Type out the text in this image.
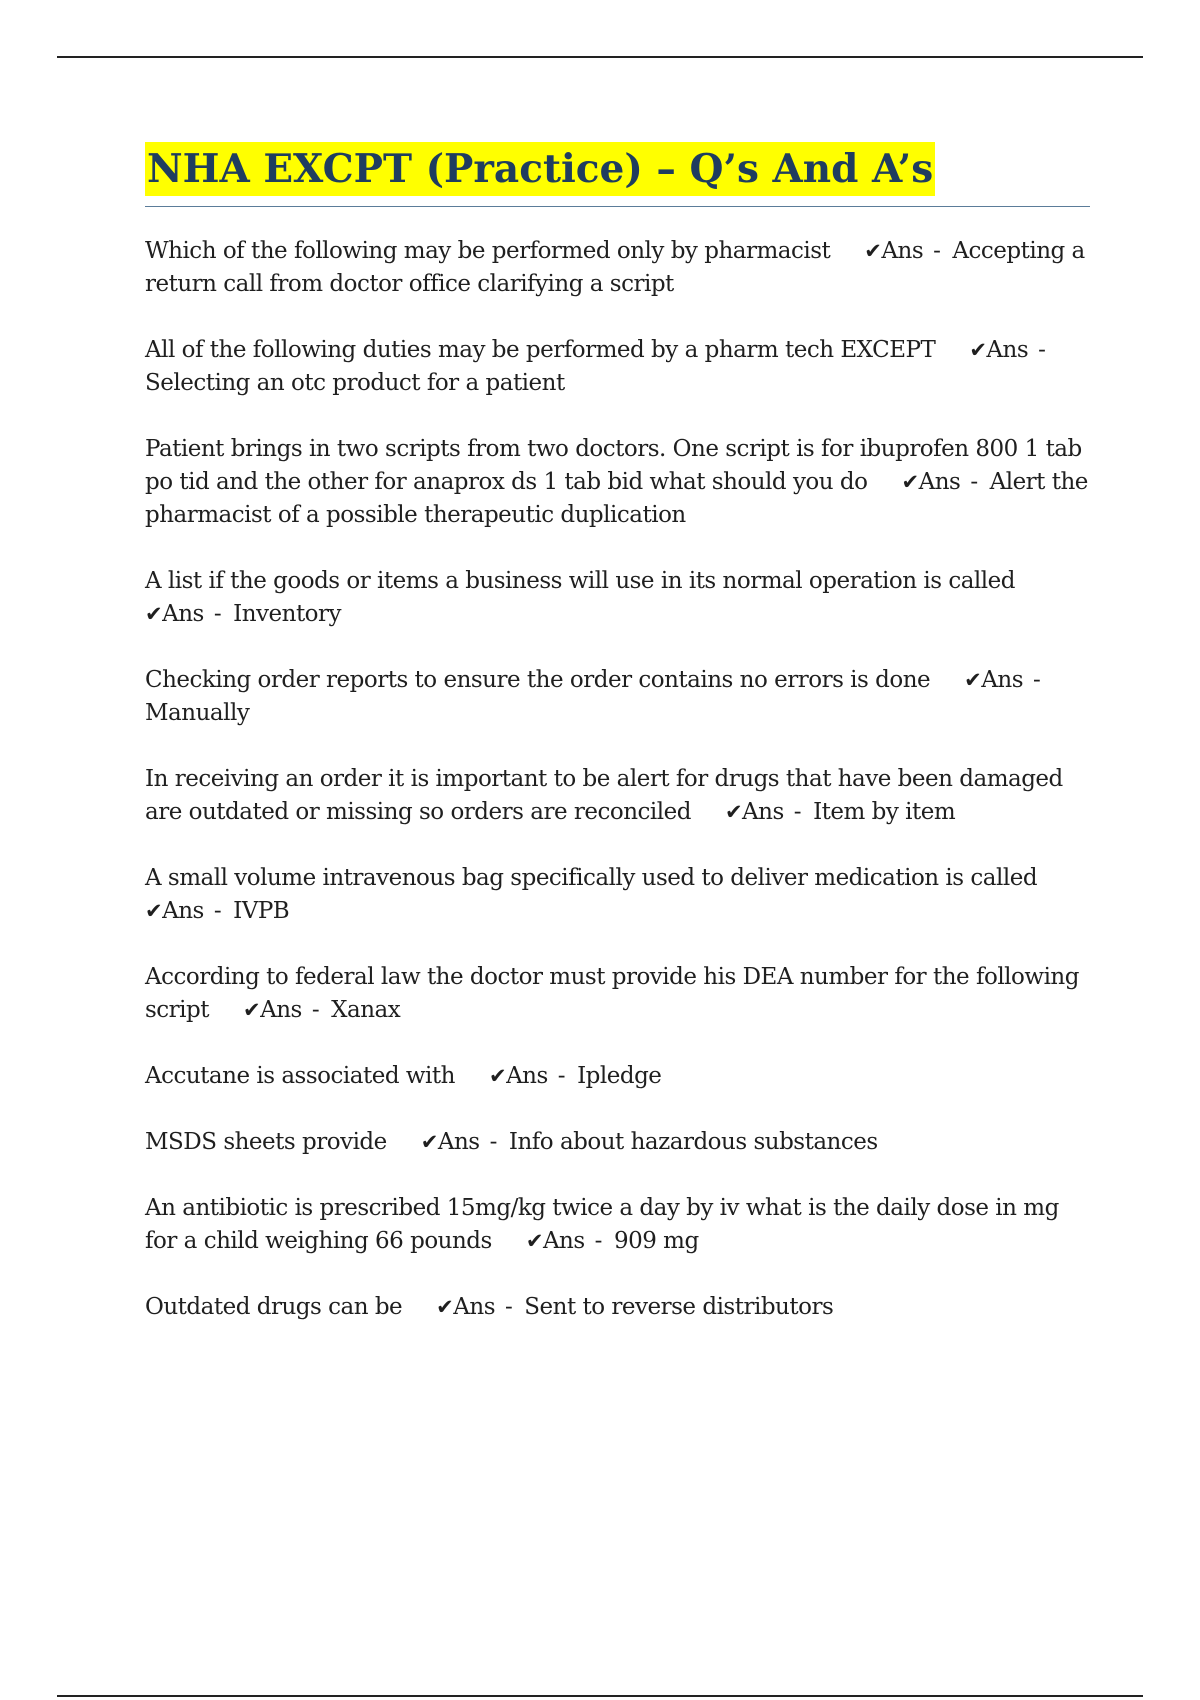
NHA EXCPT (Practice) – Q’s And A’s
Which of the following may be performed only by pharmacist ✔Ans - Accepting a return call from doctor office clarifying a script
All of the following duties may be performed by a pharm tech EXCEPT ✔Ans -Selecting an otc product for a patient
Patient brings in two scripts from two doctors. One script is for ibuprofen 800 1 tab po tid and the other for anaprox ds 1 tab bid what should you do ✔Ans - Alert the pharmacist of a possible therapeutic duplication
A list if the goods or items a business will use in its normal operation is called✔Ans - Inventory
Checking order reports to ensure the order contains no errors is done ✔Ans -Manually
In receiving an order it is important to be alert for drugs that have been damaged are outdated or missing so orders are reconciled ✔Ans - Item by item
A small volume intravenous bag specifically used to deliver medication is called✔Ans - IVPB
According to federal law the doctor must provide his DEA number for the following script ✔Ans - Xanax
Accutane is associated with ✔Ans - Ipledge
MSDS sheets provide ✔Ans - Info about hazardous substances
An antibiotic is prescribed 15mg/kg twice a day by iv what is the daily dose in mg for a child weighing 66 pounds ✔Ans - 909 mg
Outdated drugs can be ✔Ans - Sent to reverse distributors
